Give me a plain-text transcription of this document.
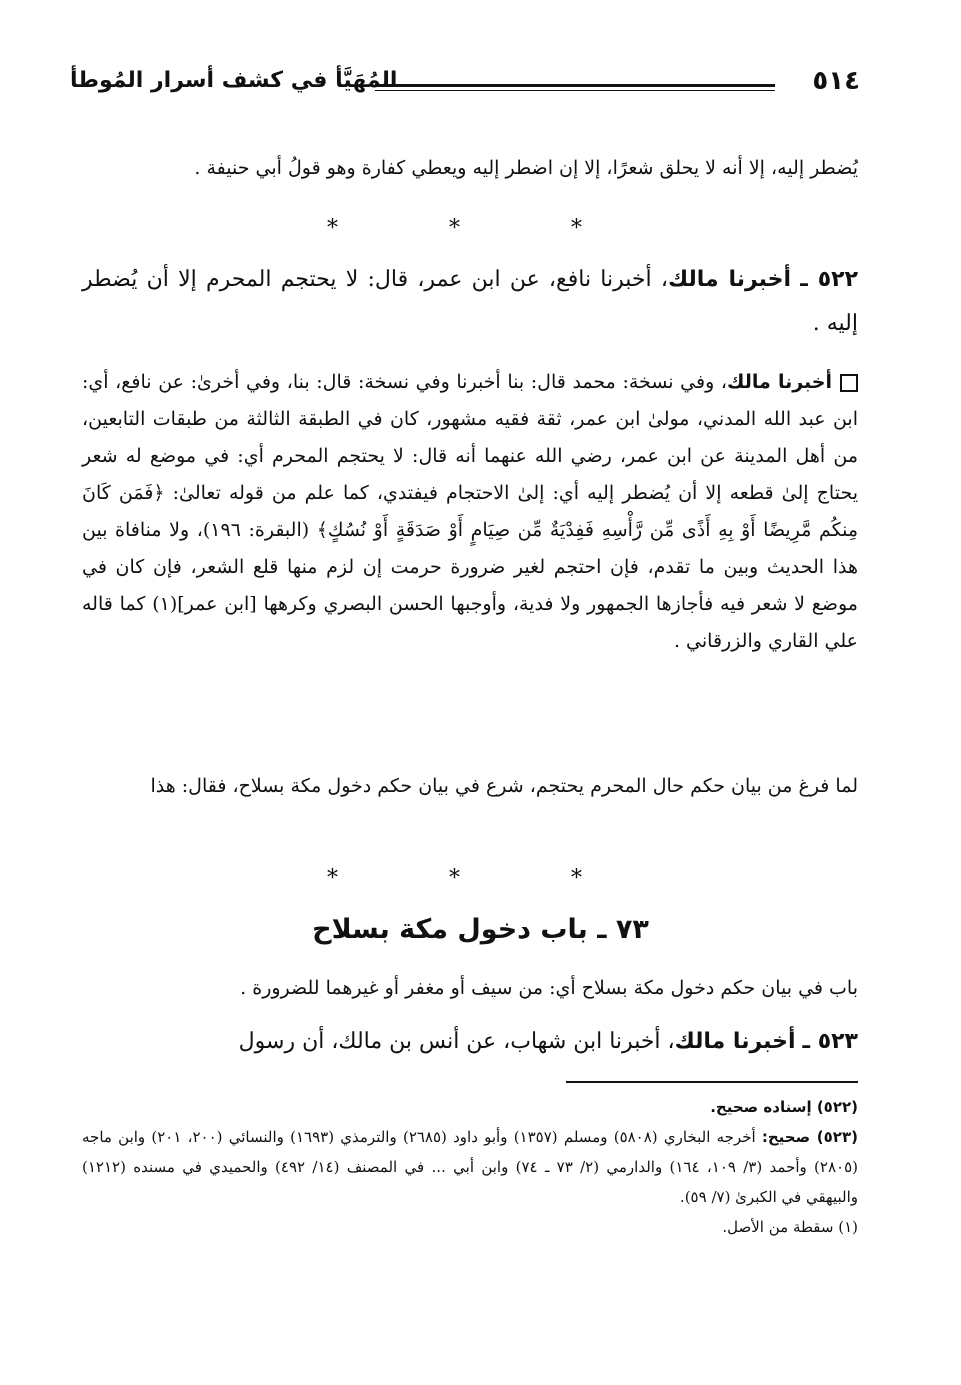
٥١٤
المُهَيَّأ في كشف أسرار المُوطأ
يُضطر إليه، إلا أنه لا يحلق شعرًا، إلا إن اضطر إليه ويعطي كفارة وهو قولُ أبي حنيفة .
* * *
٥٢٢ ـ أخبرنا مالك، أخبرنا نافع، عن ابن عمر، قال: لا يحتجم المحرم إلا أن يُضطر إليه .
أخبرنا مالك، وفي نسخة: محمد قال: بنا أخبرنا وفي نسخة: قال: بنا، وفي أخرىٰ: عن نافع، أي: ابن عبد الله المدني، مولىٰ ابن عمر، ثقة فقيه مشهور، كان في الطبقة الثالثة من طبقات التابعين، من أهل المدينة عن ابن عمر، رضي الله عنهما أنه قال: لا يحتجم المحرم أي: في موضع له شعر يحتاج إلىٰ قطعه إلا أن يُضطر إليه أي: إلىٰ الاحتجام فيفتدي، كما علم من قوله تعالىٰ: ﴿فَمَن كَانَ مِنكُم مَّرِيضًا أَوْ بِهِ أَذًى مِّن رَّأْسِهِ فَفِدْيَةٌ مِّن صِيَامٍ أَوْ صَدَقَةٍ أَوْ نُسُكٍ﴾ (البقرة: ١٩٦)، ولا منافاة بين هذا الحديث وبين ما تقدم، فإن احتجم لغير ضرورة حرمت إن لزم منها قلع الشعر، فإن كان في موضع لا شعر فيه فأجازها الجمهور ولا فدية، وأوجبها الحسن البصري وكرهها [ابن عمر](١) كما قاله علي القاري والزرقاني .
لما فرغ من بيان حكم حال المحرم يحتجم، شرع في بيان حكم دخول مكة بسلاح، فقال: هذا
* * *
٧٣ ـ باب دخول مكة بسلاح
باب في بيان حكم دخول مكة بسلاح أي: من سيف أو مغفر أو غيرهما للضرورة .
٥٢٣ ـ أخبرنا مالك، أخبرنا ابن شهاب، عن أنس بن مالك، أن رسول

(٥٢٢) إسناده صحيح.

(٥٢٣) صحيح: أخرجه البخاري (٥٨٠٨) ومسلم (١٣٥٧) وأبو داود (٢٦٨٥) والترمذي (١٦٩٣) والنسائي (٢٠٠، ٢٠١) وابن ماجه (٢٨٠٥) وأحمد (٣/ ١٠٩، ١٦٤) والدارمي (٢/ ٧٣ ـ ٧٤) وابن أبي ... في المصنف (١٤/ ٤٩٢) والحميدي في مسنده (١٢١٢) والبيهقي في الكبرىٰ (٧/ ٥٩).

(١) سقطة من الأصل.
